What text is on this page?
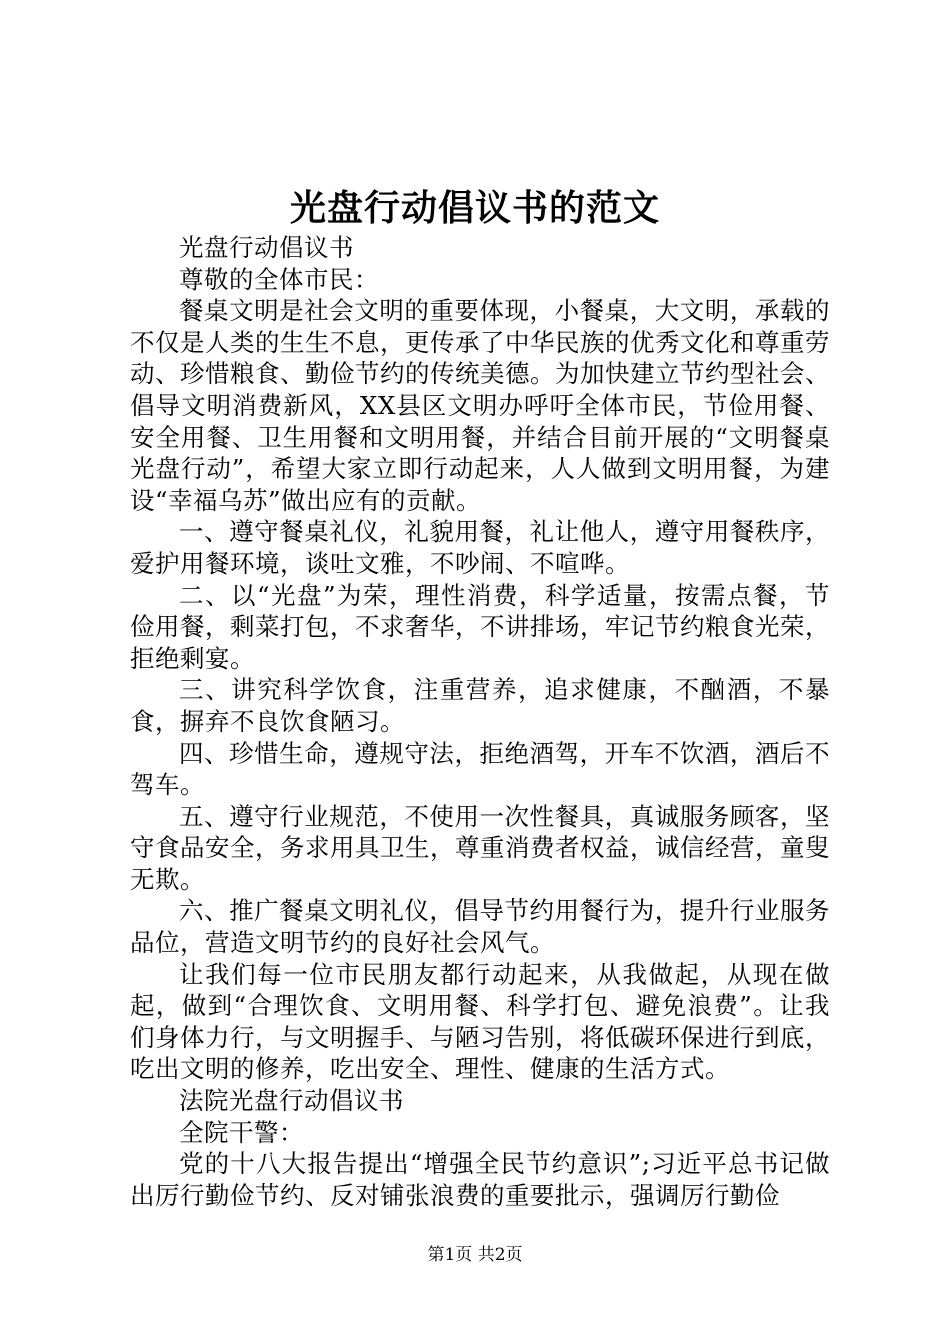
光盘行动倡议书的范文

光盘行动倡议书

尊敬的全体市民：

餐桌文明是社会文明的重要体现，小餐桌，大文明，承载的不仅是人类的生生不息，更传承了中华民族的优秀文化和尊重劳动、珍惜粮食、勤俭节约的传统美德。为加快建立节约型社会、倡导文明消费新风，XX县区文明办呼吁全体市民，节俭用餐、安全用餐、卫生用餐和文明用餐，并结合目前开展的“文明餐桌光盘行动”，希望大家立即行动起来，人人做到文明用餐，为建设“幸福乌苏”做出应有的贡献。

一、遵守餐桌礼仪，礼貌用餐，礼让他人，遵守用餐秩序，爱护用餐环境，谈吐文雅，不吵闹、不喧哗。

二、以“光盘”为荣，理性消费，科学适量，按需点餐，节俭用餐，剩菜打包，不求奢华，不讲排场，牢记节约粮食光荣，拒绝剩宴。

三、讲究科学饮食，注重营养，追求健康，不酗酒，不暴食，摒弃不良饮食陋习。

四、珍惜生命，遵规守法，拒绝酒驾，开车不饮酒，酒后不驾车。

五、遵守行业规范，不使用一次性餐具，真诚服务顾客，坚守食品安全，务求用具卫生，尊重消费者权益，诚信经营，童叟无欺。

六、推广餐桌文明礼仪，倡导节约用餐行为，提升行业服务品位，营造文明节约的良好社会风气。

让我们每一位市民朋友都行动起来，从我做起，从现在做起，做到“合理饮食、文明用餐、科学打包、避免浪费”。让我们身体力行，与文明握手、与陋习告别，将低碳环保进行到底，吃出文明的修养，吃出安全、理性、健康的生活方式。

法院光盘行动倡议书

全院干警：

党的十八大报告提出“增强全民节约意识”;习近平总书记做出厉行勤俭节约、反对铺张浪费的重要批示，强调厉行勤俭

第1页 共2页
